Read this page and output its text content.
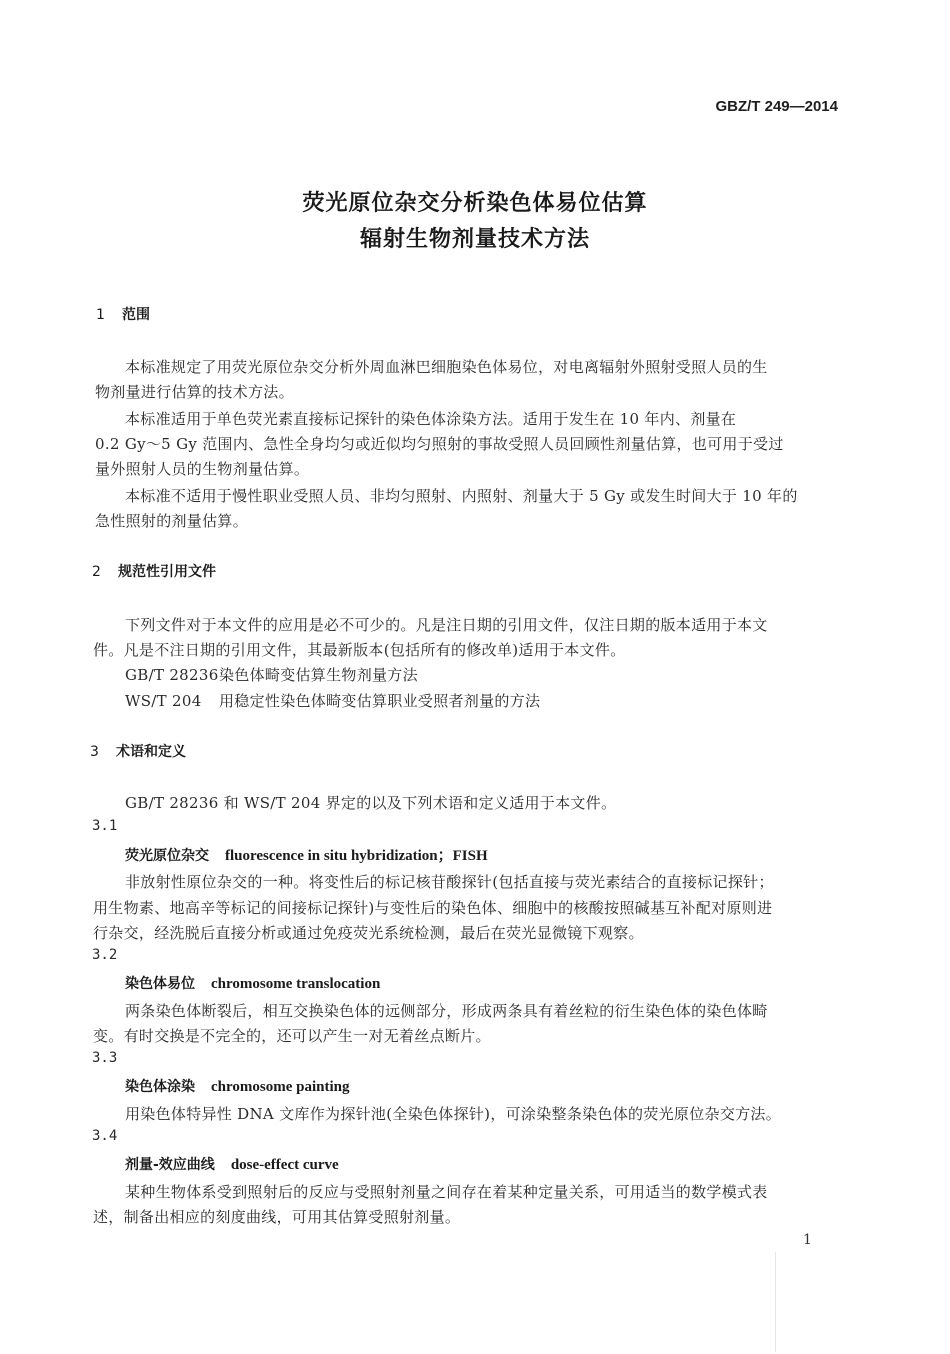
GBZ/T 249—2014
荧光原位杂交分析染色体易位估算
辐射生物剂量技术方法
1 范围
本标准规定了用荧光原位杂交分析外周血淋巴细胞染色体易位，对电离辐射外照射受照人员的生
物剂量进行估算的技术方法。
本标准适用于单色荧光素直接标记探针的染色体涂染方法。适用于发生在 10 年内、剂量在
0.2 Gy～5 Gy 范围内、急性全身均匀或近似均匀照射的事故受照人员回顾性剂量估算，也可用于受过
量外照射人员的生物剂量估算。
本标准不适用于慢性职业受照人员、非均匀照射、内照射、剂量大于 5 Gy 或发生时间大于 10 年的
急性照射的剂量估算。
2 规范性引用文件
下列文件对于本文件的应用是必不可少的。凡是注日期的引用文件，仅注日期的版本适用于本文
件。凡是不注日期的引用文件，其最新版本(包括所有的修改单)适用于本文件。
GB/T 28236染色体畸变估算生物剂量方法
WS/T 204 用稳定性染色体畸变估算职业受照者剂量的方法
3 术语和定义
GB/T 28236 和 WS/T 204 界定的以及下列术语和定义适用于本文件。
3.1
荧光原位杂交 fluorescence in situ hybridization；FISH
非放射性原位杂交的一种。将变性后的标记核苷酸探针(包括直接与荧光素结合的直接标记探针；
用生物素、地高辛等标记的间接标记探针)与变性后的染色体、细胞中的核酸按照碱基互补配对原则进
行杂交，经洗脱后直接分析或通过免疫荧光系统检测，最后在荧光显微镜下观察。
3.2
染色体易位 chromosome translocation
两条染色体断裂后，相互交换染色体的远侧部分，形成两条具有着丝粒的衍生染色体的染色体畸
变。有时交换是不完全的，还可以产生一对无着丝点断片。
3.3
染色体涂染 chromosome painting
用染色体特异性 DNA 文库作为探针池(全染色体探针)，可涂染整条染色体的荧光原位杂交方法。
3.4
剂量-效应曲线 dose-effect curve
某种生物体系受到照射后的反应与受照射剂量之间存在着某种定量关系，可用适当的数学模式表
述，制备出相应的刻度曲线，可用其估算受照射剂量。
1
